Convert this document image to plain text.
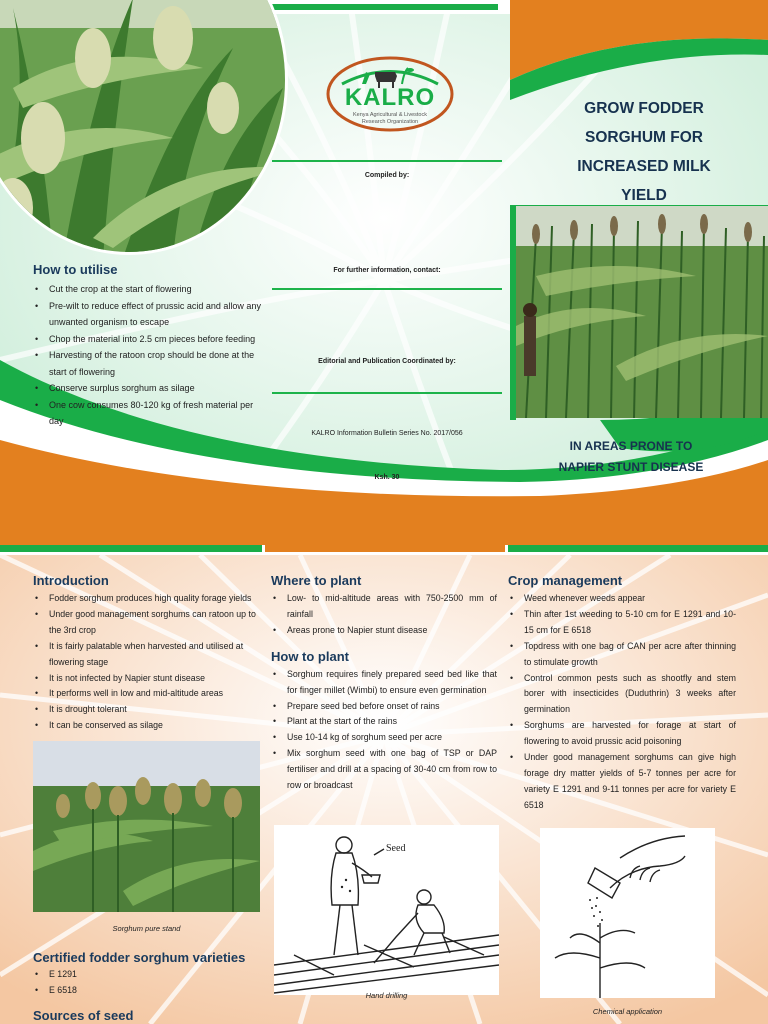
How to utilise
• Cut the crop at the start of flowering
• Pre-wilt to reduce effect of prussic acid and allow any unwanted organism to escape
• Chop the material into 2.5 cm pieces before feeding
• Harvesting of the ratoon crop should be done at the start of flowering
• Conserve surplus sorghum as silage
• One cow consumes 80-120 kg of fresh material per day
KALRO
Kenya Agricultural & Livestock
Research Organization
Compiled by:
For further information, contact:
Editorial and Publication Coordinated by:
KALRO Information Bulletin Series No. 2017/056
Ksh. 30
GROW FODDER
SORGHUM FOR
INCREASED MILK
YIELD
IN AREAS PRONE TO
NAPIER STUNT DISEASE
Introduction
• Fodder sorghum produces high quality forage yields
• Under good management sorghums can ratoon up to the 3rd crop
• It is fairly palatable when harvested and utilised at flowering stage
• It is not infected by Napier stunt disease
• It performs well in low and mid-altitude areas
• It is drought tolerant
• It can be conserved as silage
Sorghum pure stand
Certified fodder sorghum varieties
• E 1291
• E 6518
Sources of seed
Where to plant
• Low- to mid-altitude areas with 750-2500 mm of rainfall
• Areas prone to Napier stunt disease
How to plant
• Sorghum requires finely prepared seed bed like that for finger millet (Wimbi) to ensure even germination
• Prepare seed bed before onset of rains
• Plant at the start of the rains
• Use 10-14 kg of sorghum seed per acre
• Mix sorghum seed with one bag of TSP or DAP fertiliser and drill at a spacing of 30-40 cm from row to row or broadcast
Seed
Hand drilling
Crop management
• Weed whenever weeds appear
• Thin after 1st weeding to 5-10 cm for E 1291 and 10-15 cm for E 6518
• Topdress with one bag of CAN per acre after thinning to stimulate growth
• Control common pests such as shootfly and stem borer with insecticides (Duduthrin) 3 weeks after germination
• Sorghums are harvested for forage at start of flowering to avoid prussic acid poisoning
• Under good management sorghums can give high forage dry matter yields of 5-7 tonnes per acre for variety E 1291 and 9-11 tonnes per acre for variety E 6518
Chemical application
